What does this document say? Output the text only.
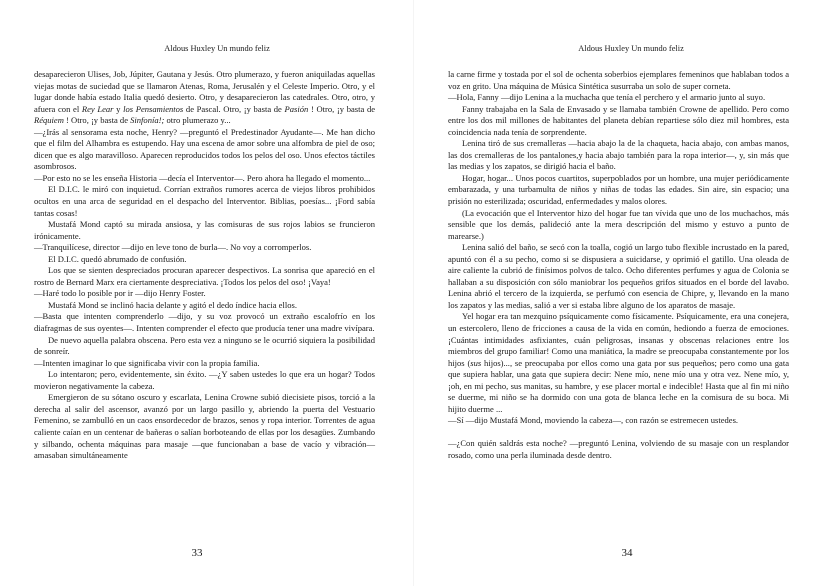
Aldous Huxley Un mundo feliz
33
Aldous Huxley Un mundo feliz
34

desaparecieron Ulises, Job, Júpiter, Gautana y Jesús. Otro plumerazo, y fueron aniquiladas aquellas viejas motas de suciedad que se llamaron Atenas, Roma, Jerusalén y el Celeste Imperio. Otro, y el lugar donde había estado Italia quedó desierto. Otro, y desaparecieron las catedrales. Otro, otro, y afuera con el Rey Lear y los Pensamientos de Pascal. Otro, ¡y basta de Pasión ! Otro, ¡y basta de Réquiem ! Otro, ¡y basta de Sinfonía!; otro plumerazo y...

—¿Irás al sensorama esta noche, Henry? —preguntó el Predestinador Ayudante—. Me han dicho que el film del Alhambra es estupendo. Hay una escena de amor sobre una alfombra de piel de oso; dicen que es algo maravilloso. Aparecen reproducidos todos los pelos del oso. Unos efectos táctiles asombrosos.

—Por esto no se les enseña Historia —decía el Interventor—. Pero ahora ha llegado el momento...

El D.I.C. le miró con inquietud. Corrían extraños rumores acerca de viejos libros prohibidos ocultos en una arca de seguridad en el despacho del Interventor. Biblias, poesías... ¡Ford sabía tantas cosas!

Mustafá Mond captó su mirada ansiosa, y las comisuras de sus rojos labios se fruncieron irónicamente.

—Tranquilícese, director —dijo en leve tono de burla—. No voy a corromperlos.

El D.I.C. quedó abrumado de confusión.

Los que se sienten despreciados procuran aparecer despectivos. La sonrisa que apareció en el rostro de Bernard Marx era ciertamente despreciativa. ¡Todos los pelos del oso! ¡Vaya!

—Haré todo lo posible por ir —dijo Henry Foster.

Mustafá Mond se inclinó hacia delante y agitó el dedo índice hacia ellos.

—Basta que intenten comprenderlo —dijo, y su voz provocó un extraño escalofrío en los diafragmas de sus oyentes—. Intenten comprender el efecto que producía tener una madre vivípara.

De nuevo aquella palabra obscena. Pero esta vez a ninguno se le ocurrió siquiera la posibilidad de sonreír.

—Intenten imaginar lo que significaba vivir con la propia familia.

Lo intentaron; pero, evidentemente, sin éxito. —¿Y saben ustedes lo que era un hogar? Todos movieron negativamente la cabeza.

Emergieron de su sótano oscuro y escarlata, Lenina Crowne subió diecisiete pisos, torció a la derecha al salir del ascensor, avanzó por un largo pasillo y, abriendo la puerta del Vestuario Femenino, se zambulló en un caos ensordecedor de brazos, senos y ropa interior. Torrentes de agua caliente caían en un centenar de bañeras o salían borboteando de ellas por los desagües. Zumbando y silbando, ochenta máquinas para masaje —que funcionaban a base de vacío y vibración— amasaban simultáneamente

la carne firme y tostada por el sol de ochenta soberbios ejemplares femeninos que hablaban todos a voz en grito. Una máquina de Música Sintética susurraba un solo de super corneta.

—Hola, Fanny —dijo Lenina a la muchacha que tenía el perchero y el armario junto al suyo.

Fanny trabajaba en la Sala de Envasado y se llamaba también Crowne de apellido. Pero como entre los dos mil millones de habitantes del planeta debían repartiese sólo diez mil hombres, esta coincidencia nada tenía de sorprendente.

Lenina tiró de sus cremalleras —hacia abajo la de la chaqueta, hacia abajo, con ambas manos, las dos cremalleras de los pantalones,y hacia abajo también para la ropa interior—, y, sin más que las medias y los zapatos, se dirigió hacia el baño.

Hogar, hogar... Unos pocos cuartitos, superpoblados por un hombre, una mujer periódicamente embarazada, y una turbamulta de niños y niñas de todas las edades. Sin aire, sin espacio; una prisión no esterilizada; oscuridad, enfermedades y malos olores.

(La evocación que el Interventor hizo del hogar fue tan vívida que uno de los muchachos, más sensible que los demás, palideció ante la mera descripción del mismo y estuvo a punto de marearse.)

Lenina salió del baño, se secó con la toalla, cogió un largo tubo flexible incrustado en la pared, apuntó con él a su pecho, como si se dispusiera a suicidarse, y oprimió el gatillo. Una oleada de aire caliente la cubrió de finísimos polvos de talco. Ocho diferentes perfumes y agua de Colonia se hallaban a su disposición con sólo maniobrar los pequeños grifos situados en el borde del lavabo. Lenina abrió el tercero de la izquierda, se perfumó con esencia de Chipre, y, llevando en la mano los zapatos y las medias, salió a ver si estaba libre alguno de los aparatos de masaje.

Yel hogar era tan mezquino psíquicamente como físicamente. Psíquicamente, era una conejera, un estercolero, lleno de fricciones a causa de la vida en común, hediondo a fuerza de emociones. ¡Cuántas intimidades asfixiantes, cuán peligrosas, insanas y obscenas relaciones entre los miembros del grupo familiar! Como una maniática, la madre se preocupaba constantemente por los hijos (sus hijos)..., se preocupaba por ellos como una gata por sus pequeños; pero como una gata que supiera hablar, una gata que supiera decir: Nene mío, nene mío una y otra vez. Nene mío, y, ¡oh, en mi pecho, sus manitas, su hambre, y ese placer mortal e indecible! Hasta que al fin mi niño se duerme, mi niño se ha dormido con una gota de blanca leche en la comisura de su boca. Mi hijito duerme ...

—Sí —dijo Mustafá Mond, moviendo la cabeza—, con razón se estremecen ustedes.

—¿Con quién saldrás esta noche? —preguntó Lenina, volviendo de su masaje con un resplandor rosado, como una perla iluminada desde dentro.
